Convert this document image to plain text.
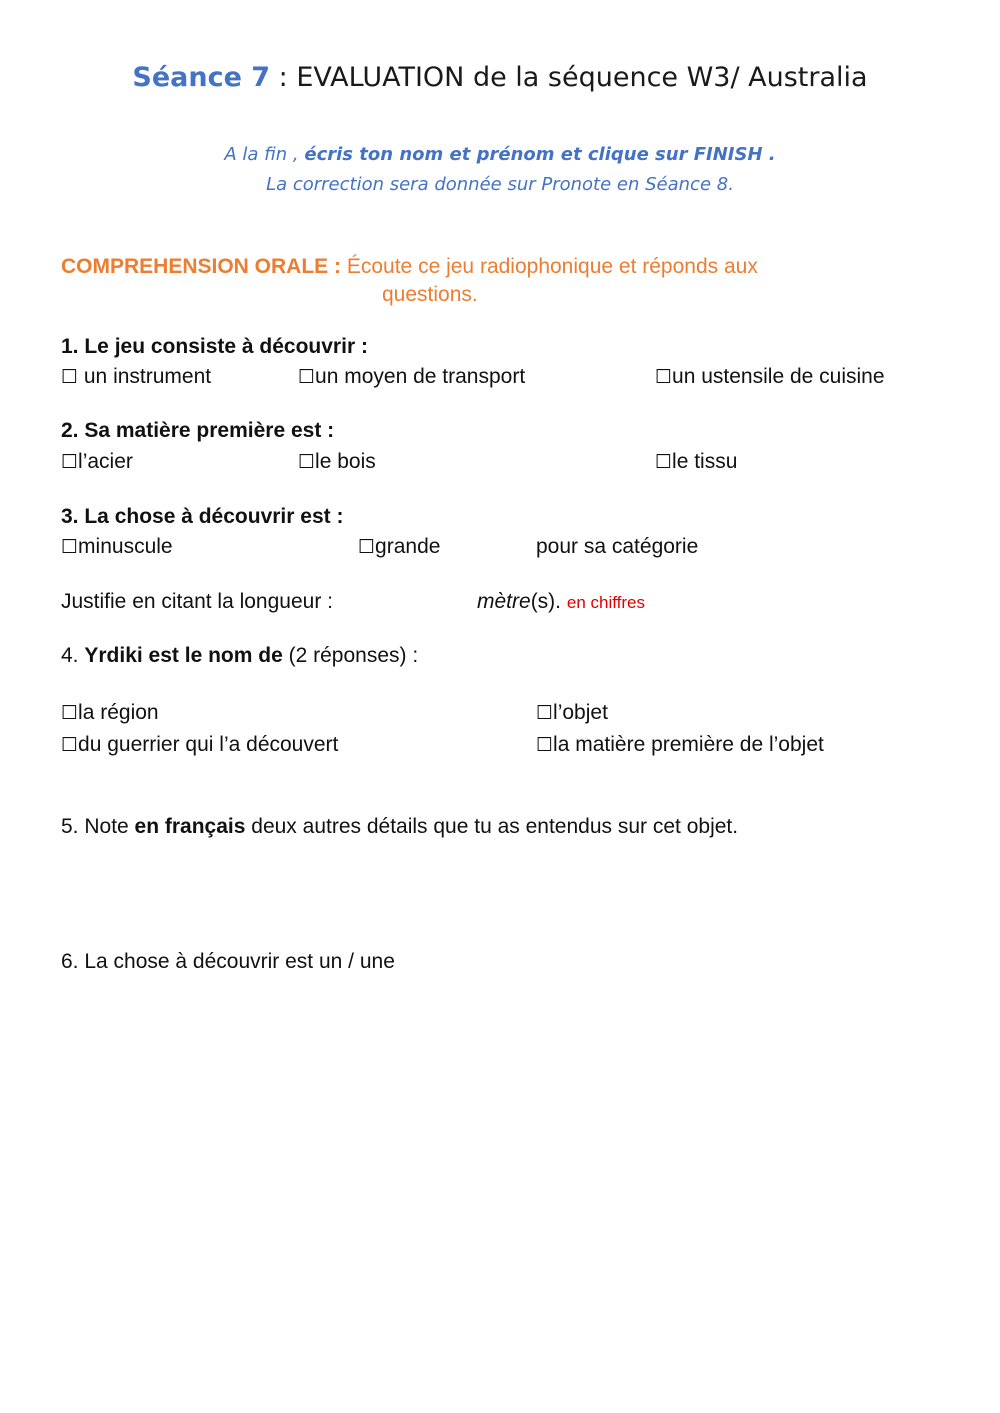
Séance 7 : EVALUATION de la séquence W3/ Australia
A la fin , écris ton nom et prénom et clique sur FINISH .
La correction sera donnée sur Pronote en Séance 8.
COMPREHENSION ORALE : Écoute ce jeu radiophonique et réponds aux
questions.
1. Le jeu consiste à découvrir :
☐ un instrument	☐un moyen de transport	☐un ustensile de cuisine
2. Sa matière première est :
☐l’acier	☐le bois	☐le tissu
3. La chose à découvrir est :
☐minuscule	☐grande	pour sa catégorie
Justifie en citant la longueur :	mètre(s). en chiffres
4. Yrdiki est le nom de (2 réponses) :
☐la région	☐l’objet
☐du guerrier qui l’a découvert	☐la matière première de l’objet
5. Note en français deux autres détails que tu as entendus sur cet objet.
6. La chose à découvrir est un / une
